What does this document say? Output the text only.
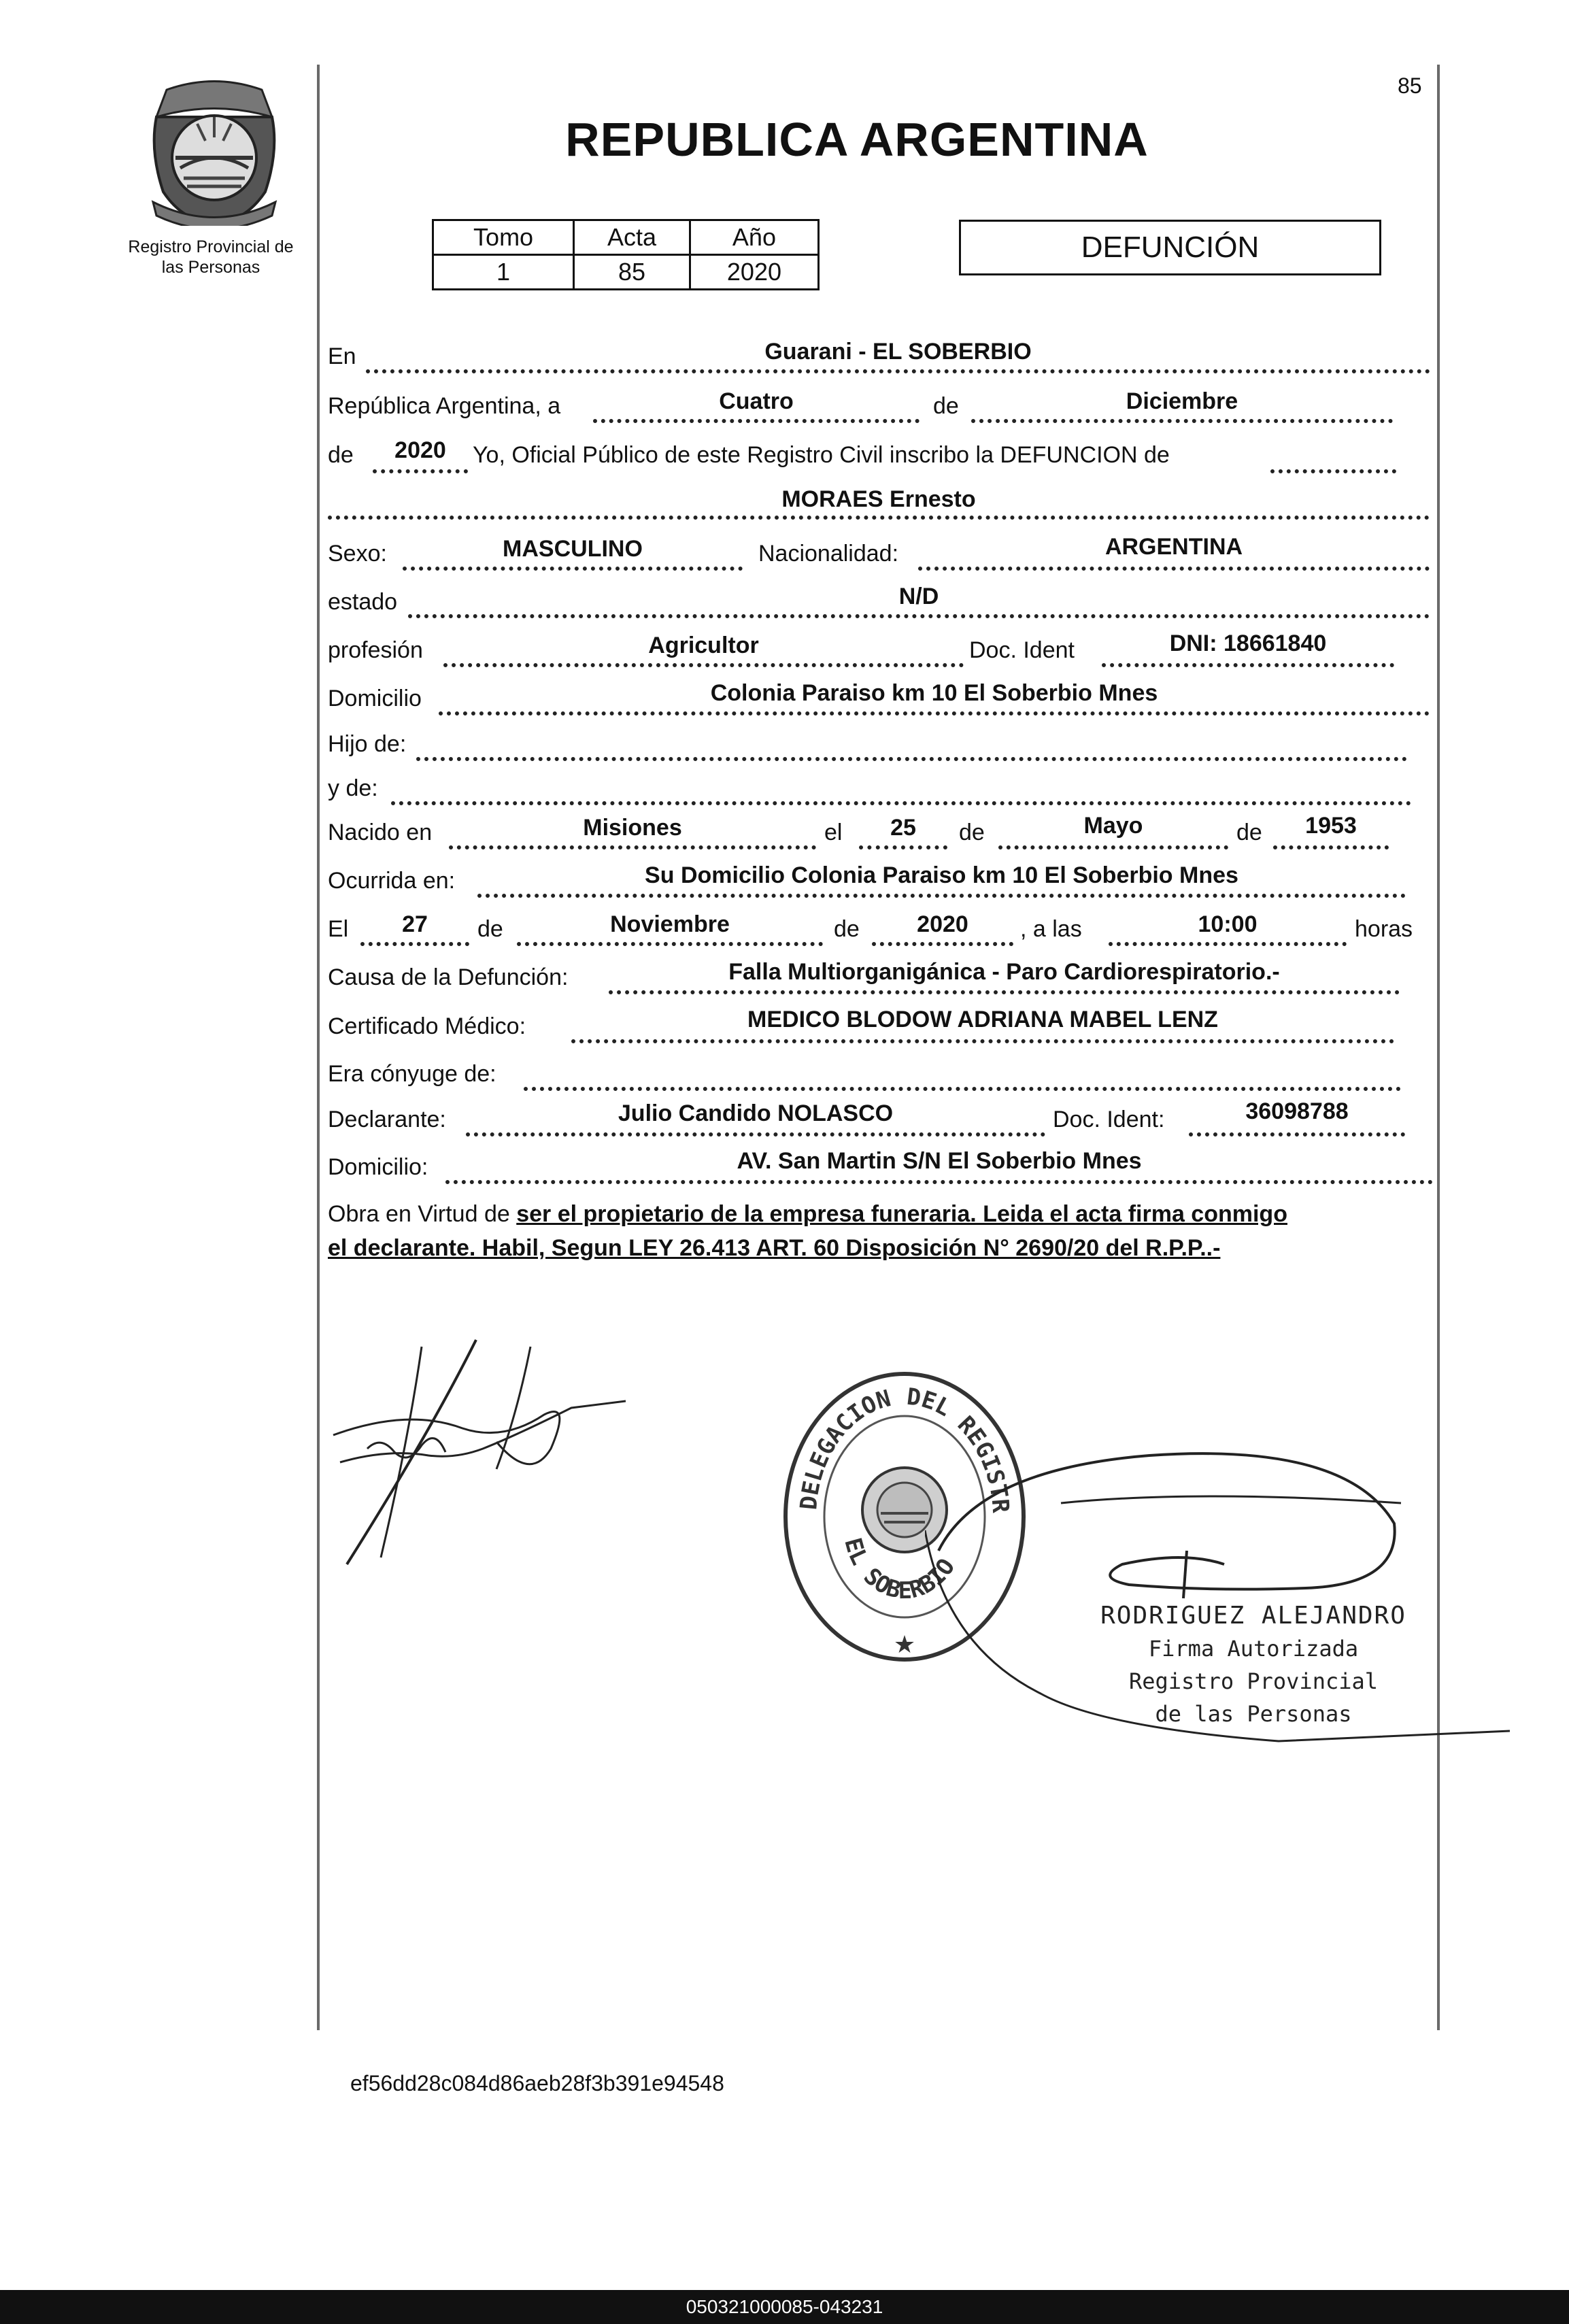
85
Registro Provincial de
las Personas
REPUBLICA ARGENTINA
Tomo	Acta	Año
1	85	2020
DEFUNCIÓN
En	Guarani - EL SOBERBIO
República Argentina, a	Cuatro	de	Diciembre
de	2020	Yo, Oficial Público de este Registro Civil inscribo la DEFUNCION de
MORAES Ernesto
Sexo:	MASCULINO	Nacionalidad:	ARGENTINA
estado	N/D
profesión	Agricultor	Doc. Ident	DNI: 18661840
Domicilio	Colonia Paraiso km 10 El Soberbio Mnes
Hijo de:
y de:
Nacido en	Misiones	el	25	de	Mayo	de	1953
Ocurrida en:	Su Domicilio Colonia Paraiso km 10 El Soberbio Mnes
El	27	de	Noviembre	de	2020	, a las	10:00	horas
Causa de la Defunción:	Falla Multiorganigánica - Paro Cardiorespiratorio.-
Certificado Médico:	MEDICO BLODOW ADRIANA MABEL LENZ
Era cónyuge de:
Declarante:	Julio Candido NOLASCO	Doc. Ident:	36098788
Domicilio:	AV. San Martin S/N El Soberbio Mnes
Obra en Virtud de ser el propietario de la empresa funeraria. Leida el acta firma conmigo
el declarante. Habil, Segun LEY 26.413 ART. 60 Disposición N° 2690/20 del R.P.P..-
DELEGACION DEL REGISTR
EL SOBERBIO
★
RODRIGUEZ ALEJANDRO
Firma Autorizada
Registro Provincial
de las Personas
ef56dd28c084d86aeb28f3b391e94548
050321000085-043231
